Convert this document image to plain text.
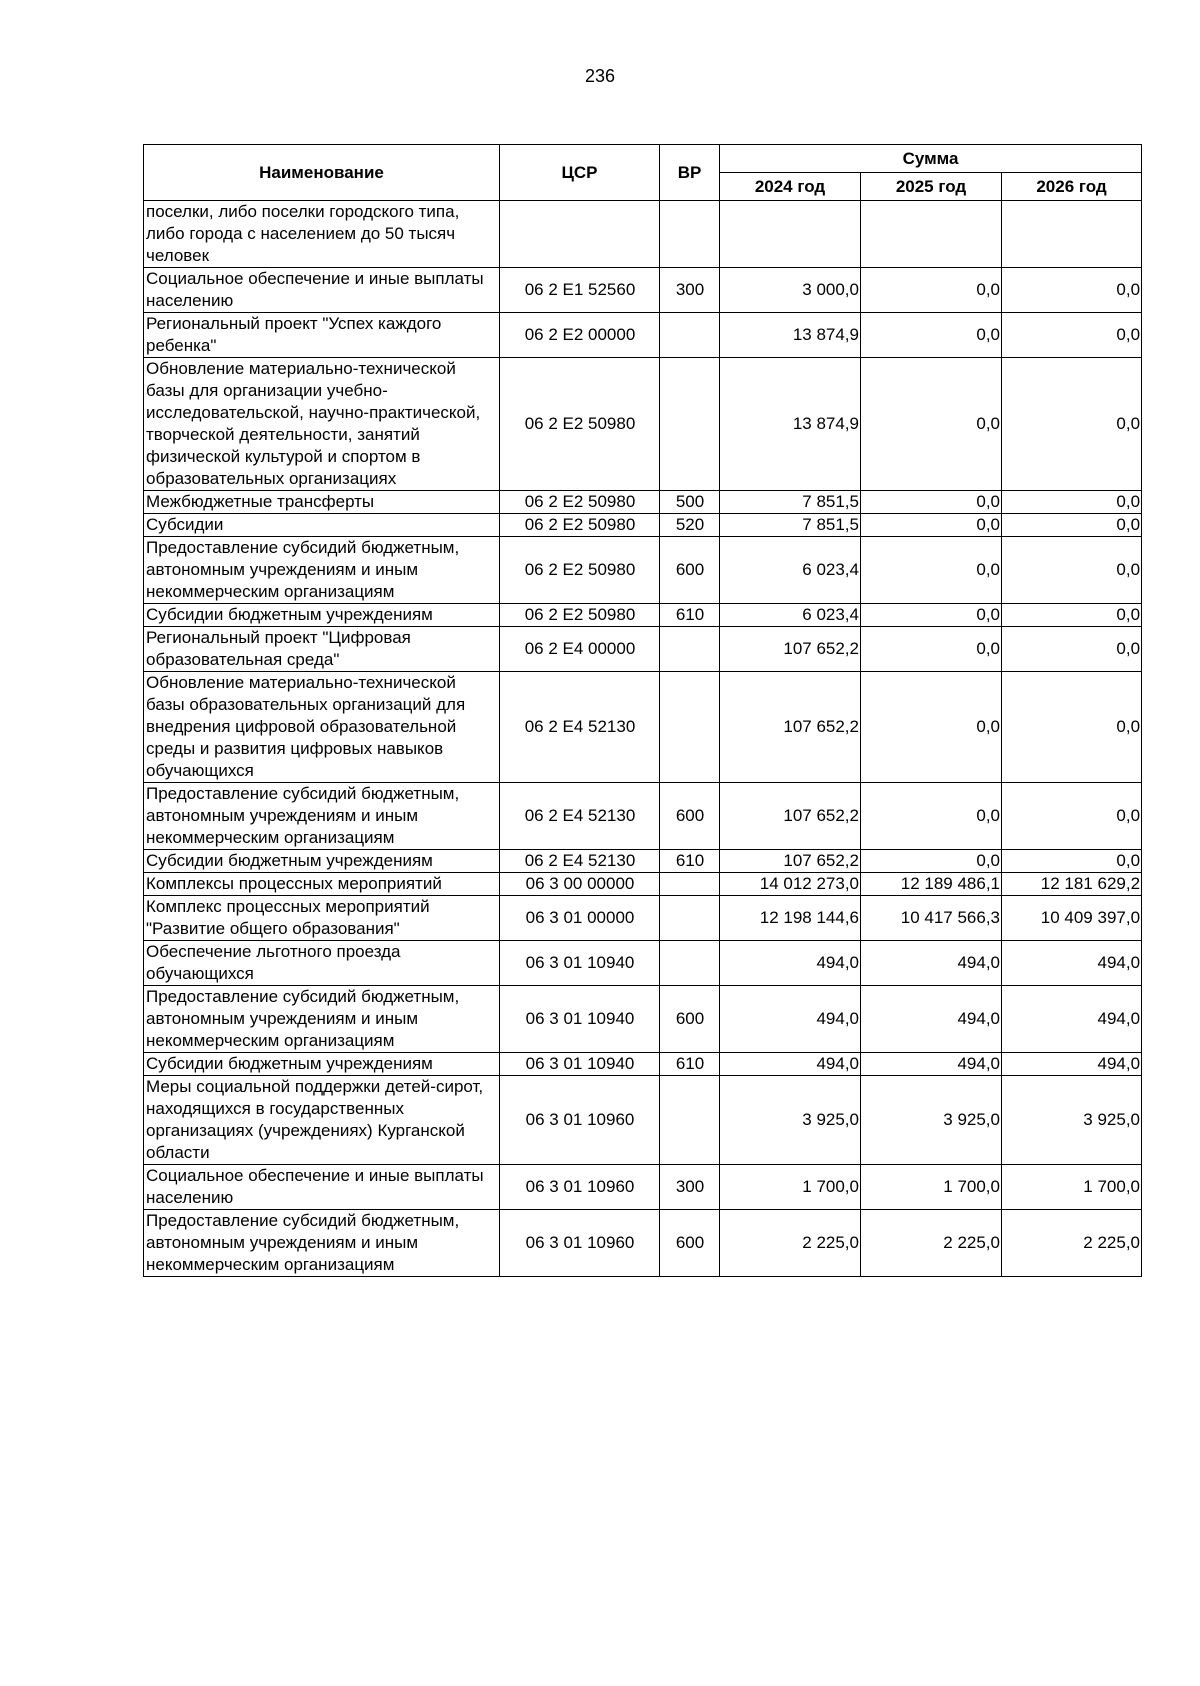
236
Наименование	ЦСР	ВР	Сумма		
			2024 год	2025 год	2026 год
поселки, либо поселки городского типа, либо города с населением до 50 тысяч человек					
Социальное обеспечение и иные выплаты населению	06 2 E1 52560	300	3 000,0	0,0	0,0
Региональный проект "Успех каждого ребенка"	06 2 E2 00000		13 874,9	0,0	0,0
Обновление материально-технической базы для организации учебно-исследовательской, научно-практической, творческой деятельности, занятий физической культурой и спортом в образовательных организациях	06 2 E2 50980		13 874,9	0,0	0,0
Межбюджетные трансферты	06 2 E2 50980	500	7 851,5	0,0	0,0
Субсидии	06 2 E2 50980	520	7 851,5	0,0	0,0
Предоставление субсидий бюджетным, автономным учреждениям и иным некоммерческим организациям	06 2 E2 50980	600	6 023,4	0,0	0,0
Субсидии бюджетным учреждениям	06 2 E2 50980	610	6 023,4	0,0	0,0
Региональный проект "Цифровая образовательная среда"	06 2 E4 00000		107 652,2	0,0	0,0
Обновление материально-технической базы образовательных организаций для внедрения цифровой образовательной среды и развития цифровых навыков обучающихся	06 2 E4 52130		107 652,2	0,0	0,0
Предоставление субсидий бюджетным, автономным учреждениям и иным некоммерческим организациям	06 2 E4 52130	600	107 652,2	0,0	0,0
Субсидии бюджетным учреждениям	06 2 E4 52130	610	107 652,2	0,0	0,0
Комплексы процессных мероприятий	06 3 00 00000		14 012 273,0	12 189 486,1	12 181 629,2
Комплекс процессных мероприятий "Развитие общего образования"	06 3 01 00000		12 198 144,6	10 417 566,3	10 409 397,0
Обеспечение льготного проезда обучающихся	06 3 01 10940		494,0	494,0	494,0
Предоставление субсидий бюджетным, автономным учреждениям и иным некоммерческим организациям	06 3 01 10940	600	494,0	494,0	494,0
Субсидии бюджетным учреждениям	06 3 01 10940	610	494,0	494,0	494,0
Меры социальной поддержки детей-сирот, находящихся в государственных организациях (учреждениях) Курганской области	06 3 01 10960		3 925,0	3 925,0	3 925,0
Социальное обеспечение и иные выплаты населению	06 3 01 10960	300	1 700,0	1 700,0	1 700,0
Предоставление субсидий бюджетным, автономным учреждениям и иным некоммерческим организациям	06 3 01 10960	600	2 225,0	2 225,0	2 225,0
